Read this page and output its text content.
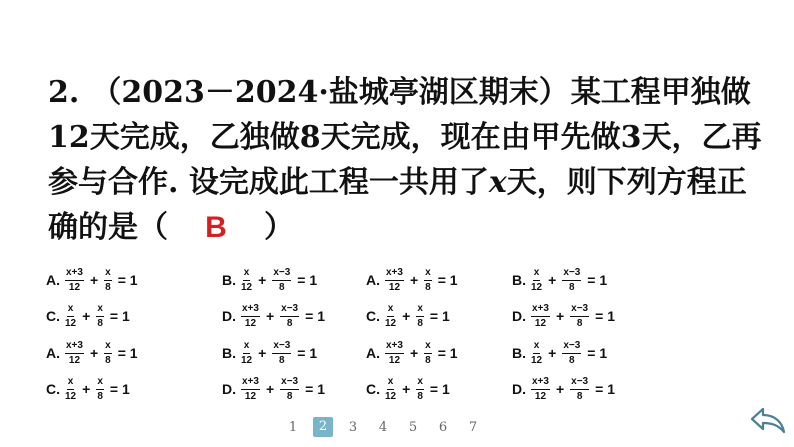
2. （2023－2024·盐城亭湖区期末）某工程甲独做12天完成，乙独做8天完成，现在由甲先做3天，乙再参与合作. 设完成此工程一共用了x天，则下列方程正确的是（ B ）
A. $\frac{x+3}{12} + \frac{x}{8} = 1$	B. $\frac{x}{12} + \frac{x-3}{8} = 1$	A. $\frac{x+3}{12} + \frac{x}{8} = 1$	B. $\frac{x}{12} + \frac{x-3}{8} = 1$
C. $\frac{x}{12} + \frac{x}{8} = 1$	D. $\frac{x+3}{12} + \frac{x-3}{8} = 1$	C. $\frac{x}{12} + \frac{x}{8} = 1$	D. $\frac{x+3}{12} + \frac{x-3}{8} = 1$
A. $\frac{x+3}{12} + \frac{x}{8} = 1$	B. $\frac{x}{12} + \frac{x-3}{8} = 1$	A. $\frac{x+3}{12} + \frac{x}{8} = 1$	B. $\frac{x}{12} + \frac{x-3}{8} = 1$
C. $\frac{x}{12} + \frac{x}{8} = 1$	D. $\frac{x+3}{12} + \frac{x-3}{8} = 1$	C. $\frac{x}{12} + \frac{x}{8} = 1$	D. $\frac{x+3}{12} + \frac{x-3}{8} = 1$
1	2	3	4	5	6	7
